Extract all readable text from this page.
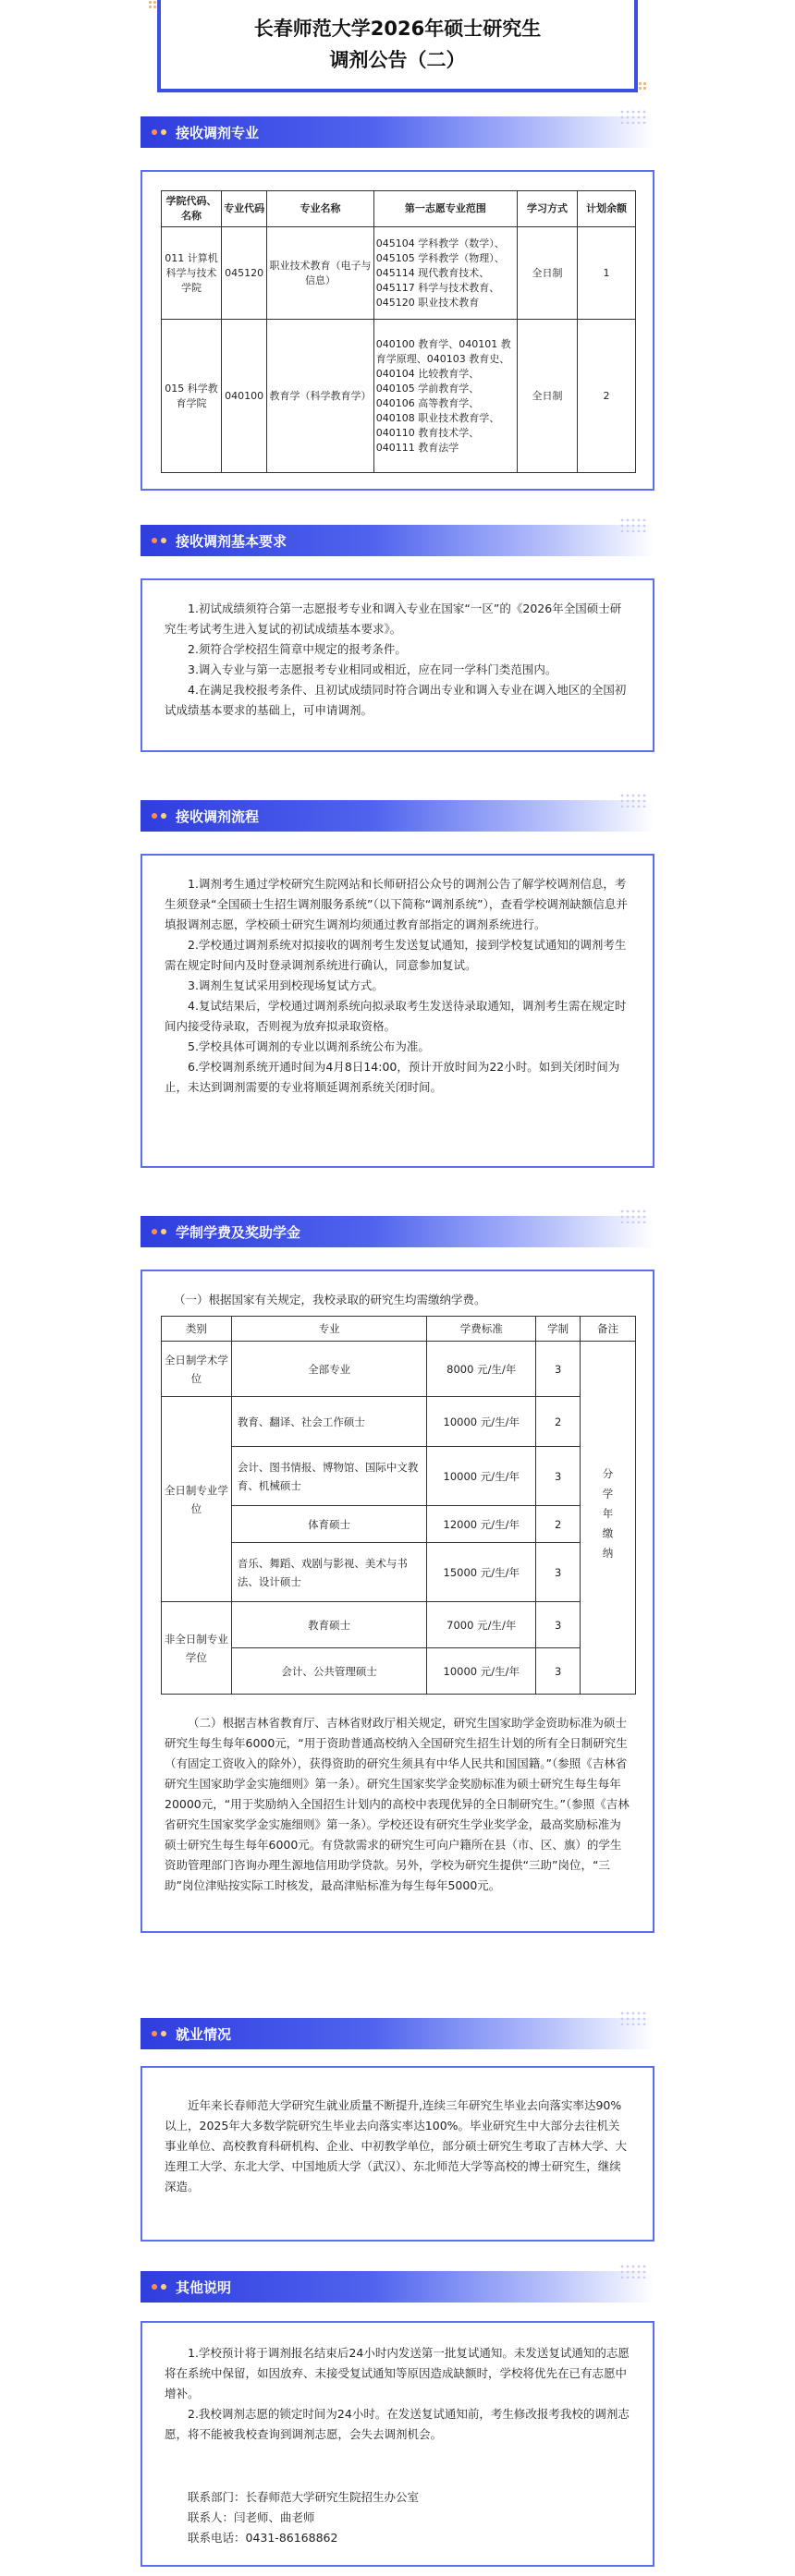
长春师范大学2026年硕士研究生
调剂公告（二）
接收调剂专业
学院代码、名称	专业代码	专业名称	第一志愿专业范围	学习方式	计划余额
011 计算机科学与技术学院	045120	职业技术教育（电子与信息）	045104 学科教学（数学）、045105 学科教学（物理）、045114 现代教育技术、045117 科学与技术教育、045120 职业技术教育	全日制	1
015 科学教育学院	040100	教育学（科学教育学）	040100 教育学、040101 教育学原理、040103 教育史、040104 比较教育学、040105 学前教育学、040106 高等教育学、040108 职业技术教育学、040110 教育技术学、040111 教育法学	全日制	2
接收调剂基本要求

1.初试成绩须符合第一志愿报考专业和调入专业在国家“一区”的《2026年全国硕士研究生考试考生进入复试的初试成绩基本要求》。

2.须符合学校招生简章中规定的报考条件。

3.调入专业与第一志愿报考专业相同或相近，应在同一学科门类范围内。

4.在满足我校报考条件、且初试成绩同时符合调出专业和调入专业在调入地区的全国初试成绩基本要求的基础上，可申请调剂。

接收调剂流程

1.调剂考生通过学校研究生院网站和长师研招公众号的调剂公告了解学校调剂信息，考生须登录“全国硕士生招生调剂服务系统”（以下简称“调剂系统”），查看学校调剂缺额信息并填报调剂志愿，学校硕士研究生调剂均须通过教育部指定的调剂系统进行。

2.学校通过调剂系统对拟接收的调剂考生发送复试通知，接到学校复试通知的调剂考生需在规定时间内及时登录调剂系统进行确认，同意参加复试。

3.调剂生复试采用到校现场复试方式。

4.复试结果后，学校通过调剂系统向拟录取考生发送待录取通知，调剂考生需在规定时间内接受待录取，否则视为放弃拟录取资格。

5.学校具体可调剂的专业以调剂系统公布为准。

6.学校调剂系统开通时间为4月8日14:00，预计开放时间为22小时。如到关闭时间为止，未达到调剂需要的专业将顺延调剂系统关闭时间。

学制学费及奖助学金
（一）根据国家有关规定，我校录取的研究生均需缴纳学费。
类别	专业	学费标准	学制	备注
全日制学术学位	全部专业	8000 元/生/年	3	分学年缴纳

全日制专业学位	教育、翻译、社会工作硕士	10000 元/生/年	2	
	会计、图书情报、博物馆、国际中文教育、机械硕士	10000 元/生/年	3	
	体育硕士	12000 元/生/年	2	
	音乐、舞蹈、戏剧与影视、美术与书法、设计硕士	15000 元/生/年	3	
非全日制专业学位	教育硕士	7000 元/生/年	3	
	会计、公共管理硕士	10000 元/生/年	3	

（二）根据吉林省教育厅、吉林省财政厅相关规定，研究生国家助学金资助标准为硕士研究生每生每年6000元，“用于资助普通高校纳入全国研究生招生计划的所有全日制研究生（有固定工资收入的除外），获得资助的研究生须具有中华人民共和国国籍。”（参照《吉林省研究生国家助学金实施细则》第一条）。研究生国家奖学金奖励标准为硕士研究生每生每年20000元，“用于奖励纳入全国招生计划内的高校中表现优异的全日制研究生。”（参照《吉林省研究生国家奖学金实施细则》第一条）。学校还设有研究生学业奖学金，最高奖励标准为硕士研究生每生每年6000元。有贷款需求的研究生可向户籍所在县（市、区、旗）的学生资助管理部门咨询办理生源地信用助学贷款。另外，学校为研究生提供“三助”岗位，“三助”岗位津贴按实际工时核发，最高津贴标准为每生每年5000元。

就业情况

近年来长春师范大学研究生就业质量不断提升,连续三年研究生毕业去向落实率达90%以上，2025年大多数学院研究生毕业去向落实率达100%。毕业研究生中大部分去往机关事业单位、高校教育科研机构、企业、中初教学单位，部分硕士研究生考取了吉林大学、大连理工大学、东北大学、中国地质大学（武汉）、东北师范大学等高校的博士研究生，继续深造。

其他说明

1.学校预计将于调剂报名结束后24小时内发送第一批复试通知。未发送复试通知的志愿将在系统中保留，如因放弃、未接受复试通知等原因造成缺额时，学校将优先在已有志愿中增补。

2.我校调剂志愿的锁定时间为24小时。在发送复试通知前，考生修改报考我校的调剂志愿，将不能被我校查询到调剂志愿，会失去调剂机会。

联系部门：长春师范大学研究生院招生办公室

联系人：闫老师、曲老师

联系电话：0431-86168862
